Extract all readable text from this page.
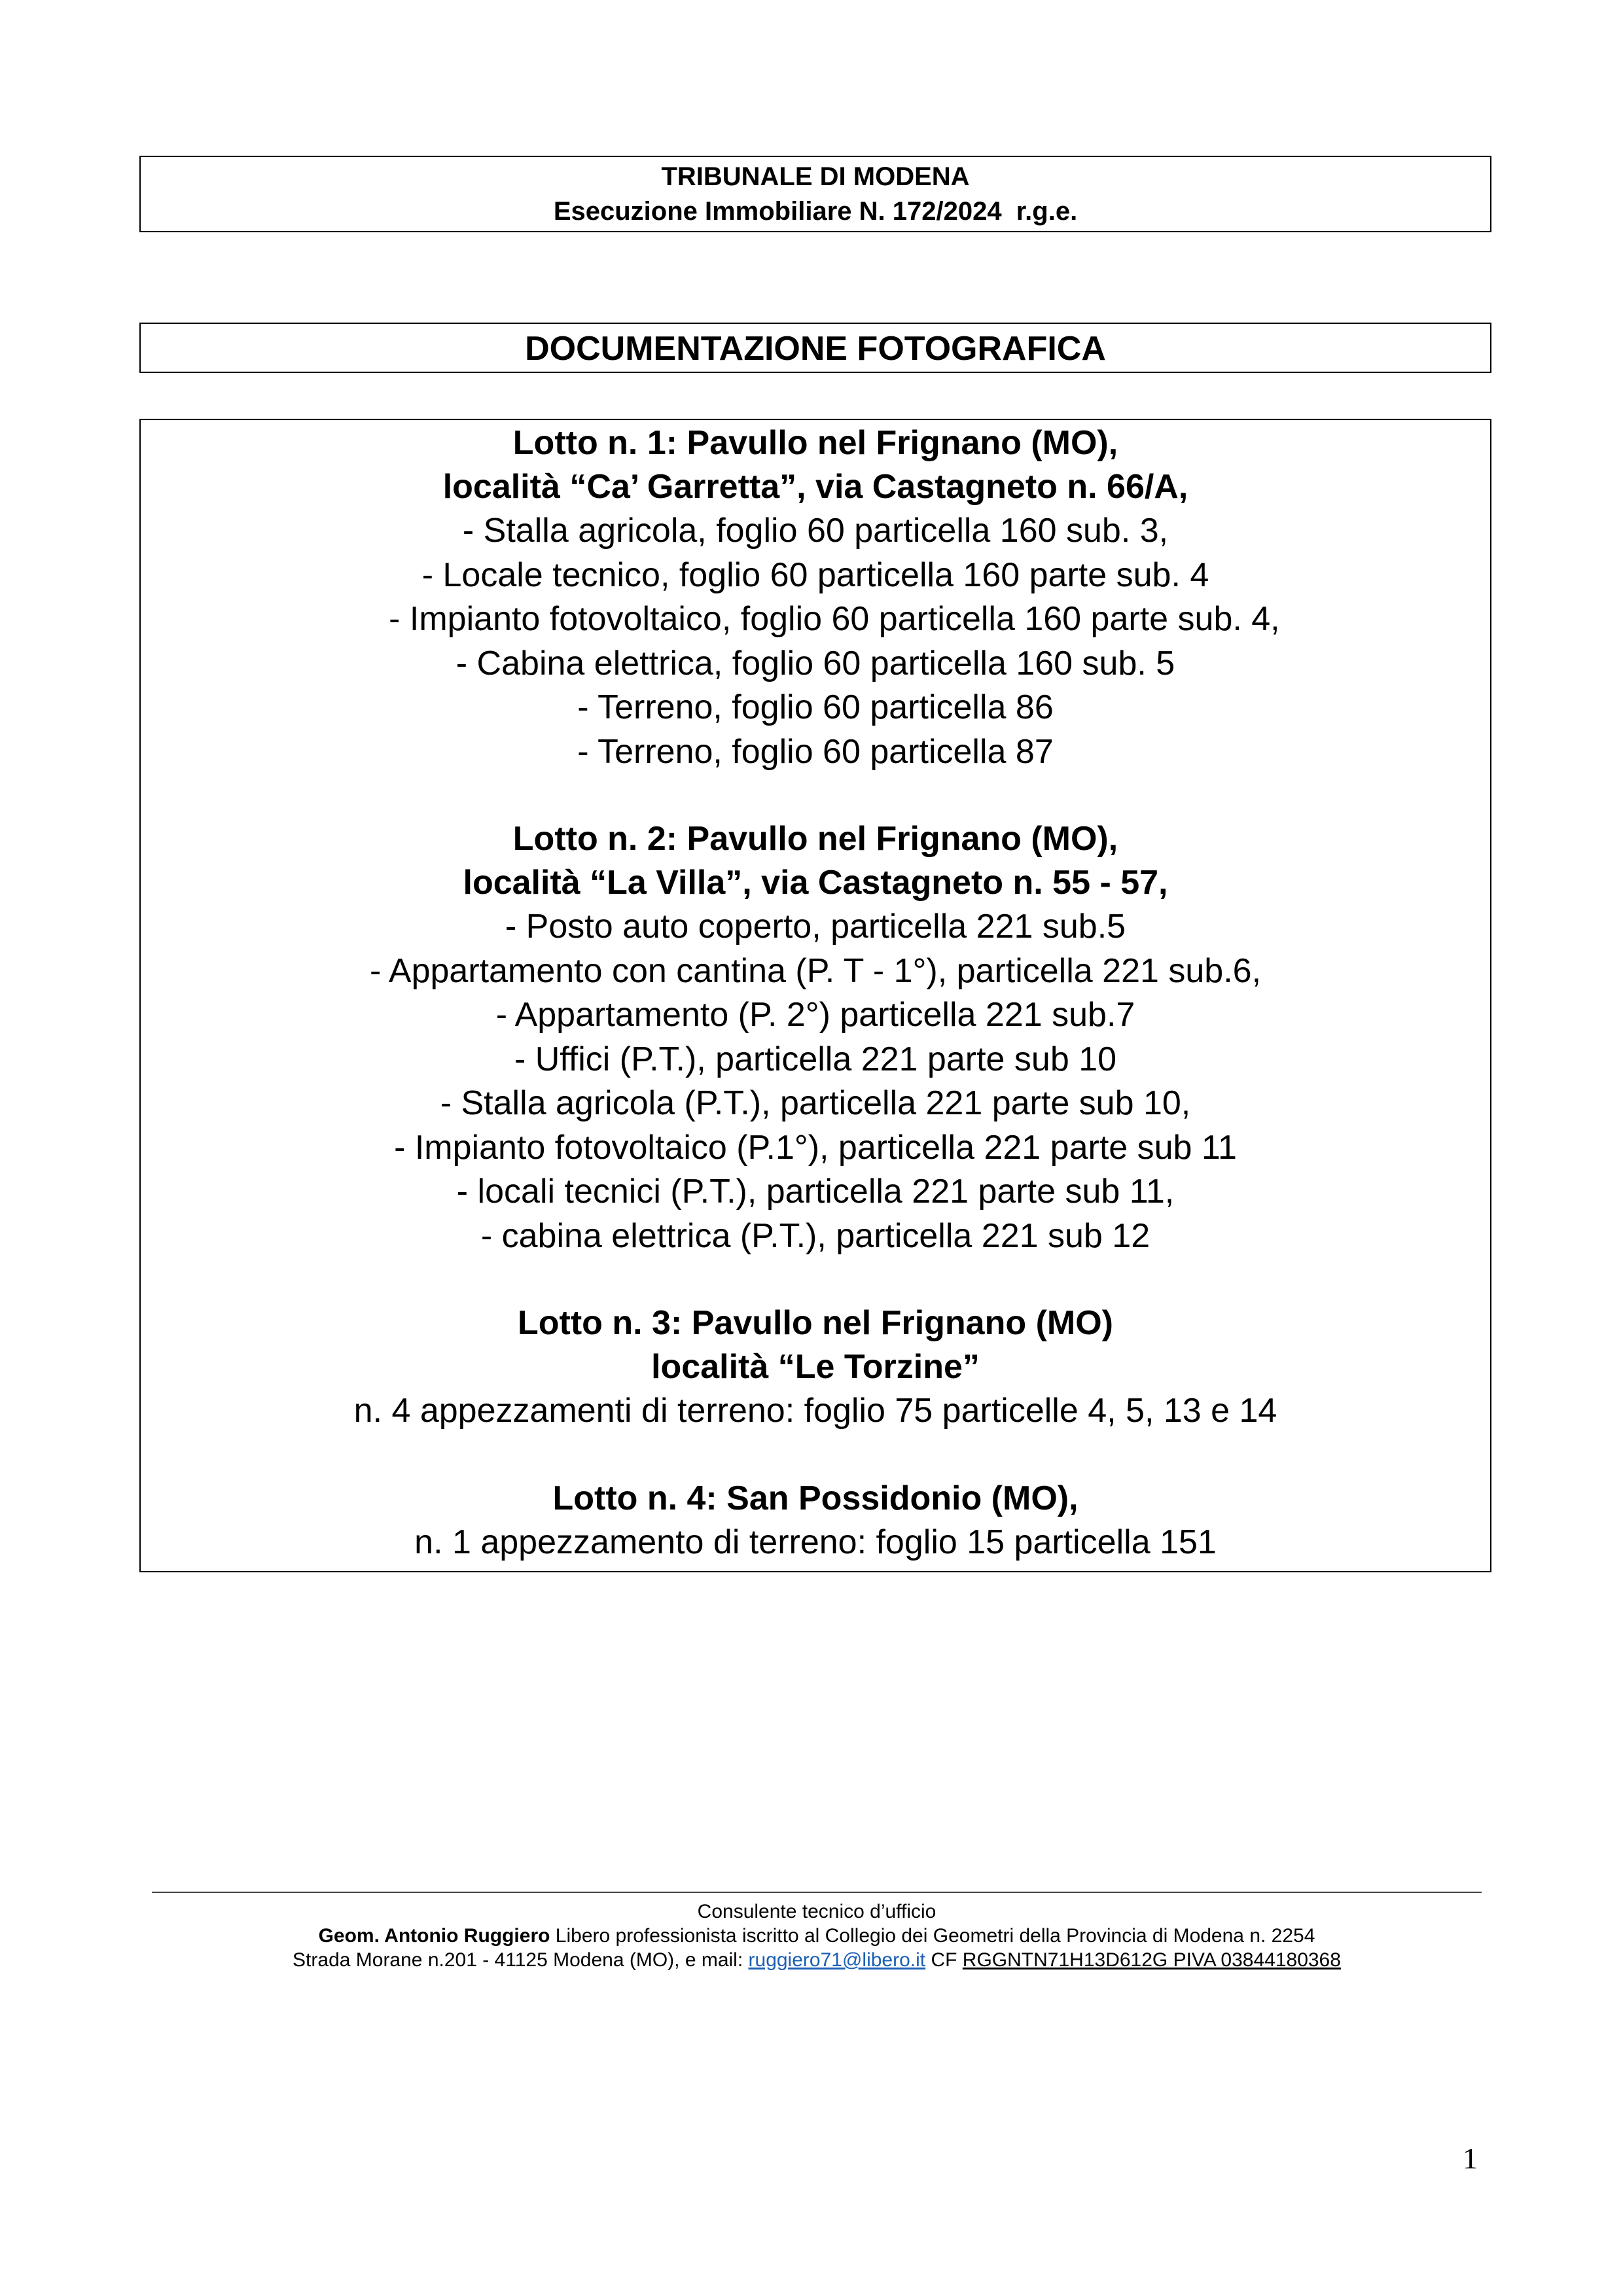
TRIBUNALE DI MODENA
Esecuzione Immobiliare N. 172/2024  r.g.e.
DOCUMENTAZIONE FOTOGRAFICA
Lotto n. 1: Pavullo nel Frignano (MO),
località “Ca’ Garretta”, via Castagneto n. 66/A,
- Stalla agricola, foglio 60 particella 160 sub. 3,
- Locale tecnico, foglio 60 particella 160 parte sub. 4
- Impianto fotovoltaico, foglio 60 particella 160 parte sub. 4,
- Cabina elettrica, foglio 60 particella 160 sub. 5
- Terreno, foglio 60 particella 86
- Terreno, foglio 60 particella 87
Lotto n. 2: Pavullo nel Frignano (MO),
località “La Villa”, via Castagneto n. 55 - 57,
- Posto auto coperto, particella 221 sub.5
- Appartamento con cantina (P. T - 1°), particella 221 sub.6,
- Appartamento (P. 2°) particella 221 sub.7
- Uffici (P.T.), particella 221 parte sub 10
- Stalla agricola (P.T.), particella 221 parte sub 10,
- Impianto fotovoltaico (P.1°), particella 221 parte sub 11
- locali tecnici (P.T.), particella 221 parte sub 11,
- cabina elettrica (P.T.), particella 221 sub 12
Lotto n. 3: Pavullo nel Frignano (MO)
località “Le Torzine”
n. 4 appezzamenti di terreno: foglio 75 particelle 4, 5, 13 e 14
Lotto n. 4: San Possidonio (MO),
n. 1 appezzamento di terreno: foglio 15 particella 151
Consulente tecnico d’ufficio
Geom. Antonio Ruggiero Libero professionista iscritto al Collegio dei Geometri della Provincia di Modena n. 2254
Strada Morane n.201 - 41125 Modena (MO), e mail: ruggiero71@libero.it CF RGGNTN71H13D612G PIVA 03844180368
1
